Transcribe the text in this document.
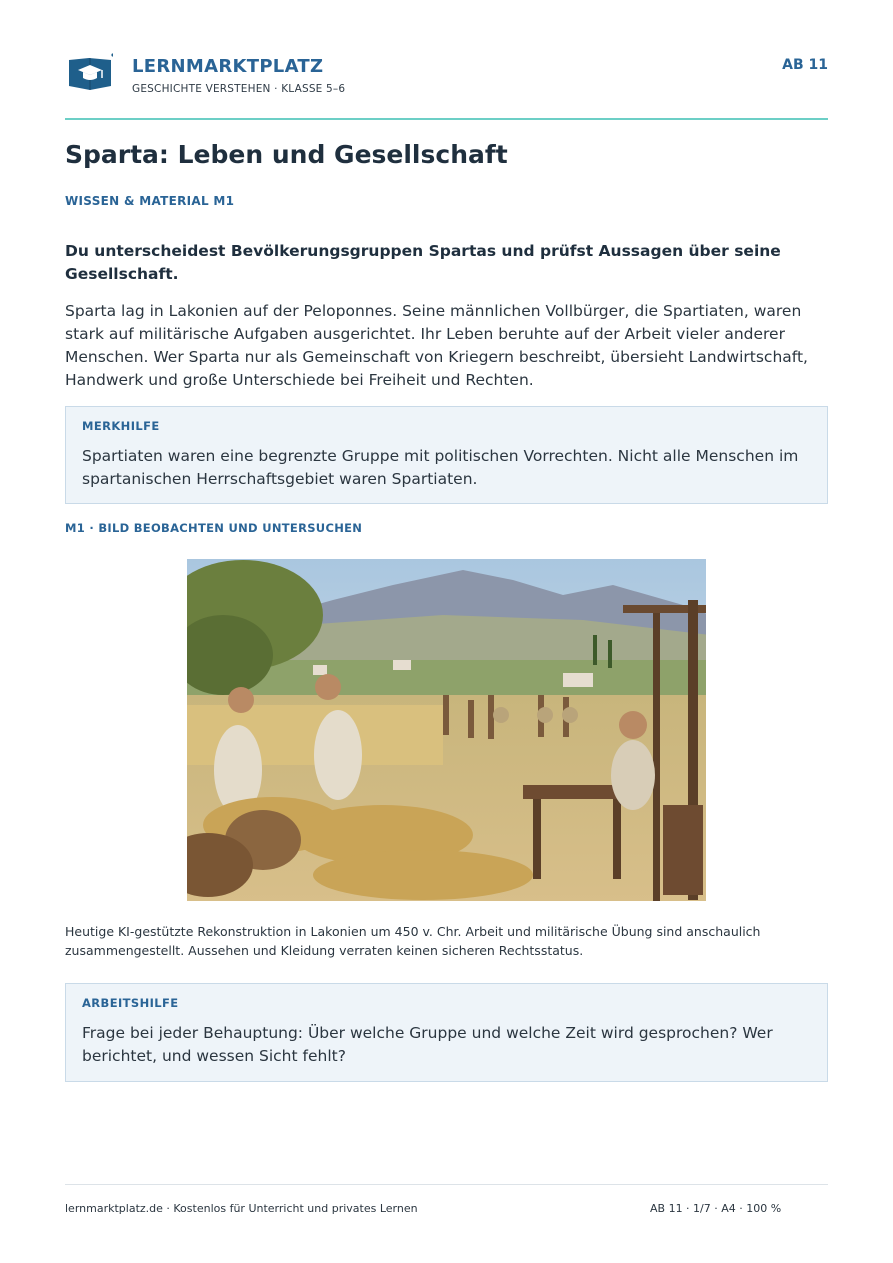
LERNMARKTPLATZ
GESCHICHTE VERSTEHEN · KLASSE 5–6
AB 11
Sparta: Leben und Gesellschaft
WISSEN & MATERIAL M1

Du unterscheidest Bevölkerungsgruppen Spartas und prüfst Aussagen über seine Gesellschaft.

Sparta lag in Lakonien auf der Peloponnes. Seine männlichen Vollbürger, die Spartiaten, waren stark auf militärische Aufgaben ausgerichtet. Ihr Leben beruhte auf der Arbeit vieler anderer Menschen. Wer Sparta nur als Gemeinschaft von Kriegern beschreibt, übersieht Landwirtschaft, Handwerk und große Unterschiede bei Freiheit und Rechten.

MERKHILFE
Spartiaten waren eine begrenzte Gruppe mit politischen Vorrechten. Nicht alle Menschen im spartanischen Herrschaftsgebiet waren Spartiaten.
M1 · BILD BEOBACHTEN UND UNTERSUCHEN
Heutige KI-gestützte Rekonstruktion in Lakonien um 450 v. Chr. Arbeit und militärische Übung sind anschaulich zusammengestellt. Aussehen und Kleidung verraten keinen sicheren Rechtsstatus.
ARBEITSHILFE
Frage bei jeder Behauptung: Über welche Gruppe und welche Zeit wird gesprochen? Wer berichtet, und wessen Sicht fehlt?
lernmarktplatz.de · Kostenlos für Unterricht und privates Lernen	AB 11 · 1/7 · A4 · 100 %
